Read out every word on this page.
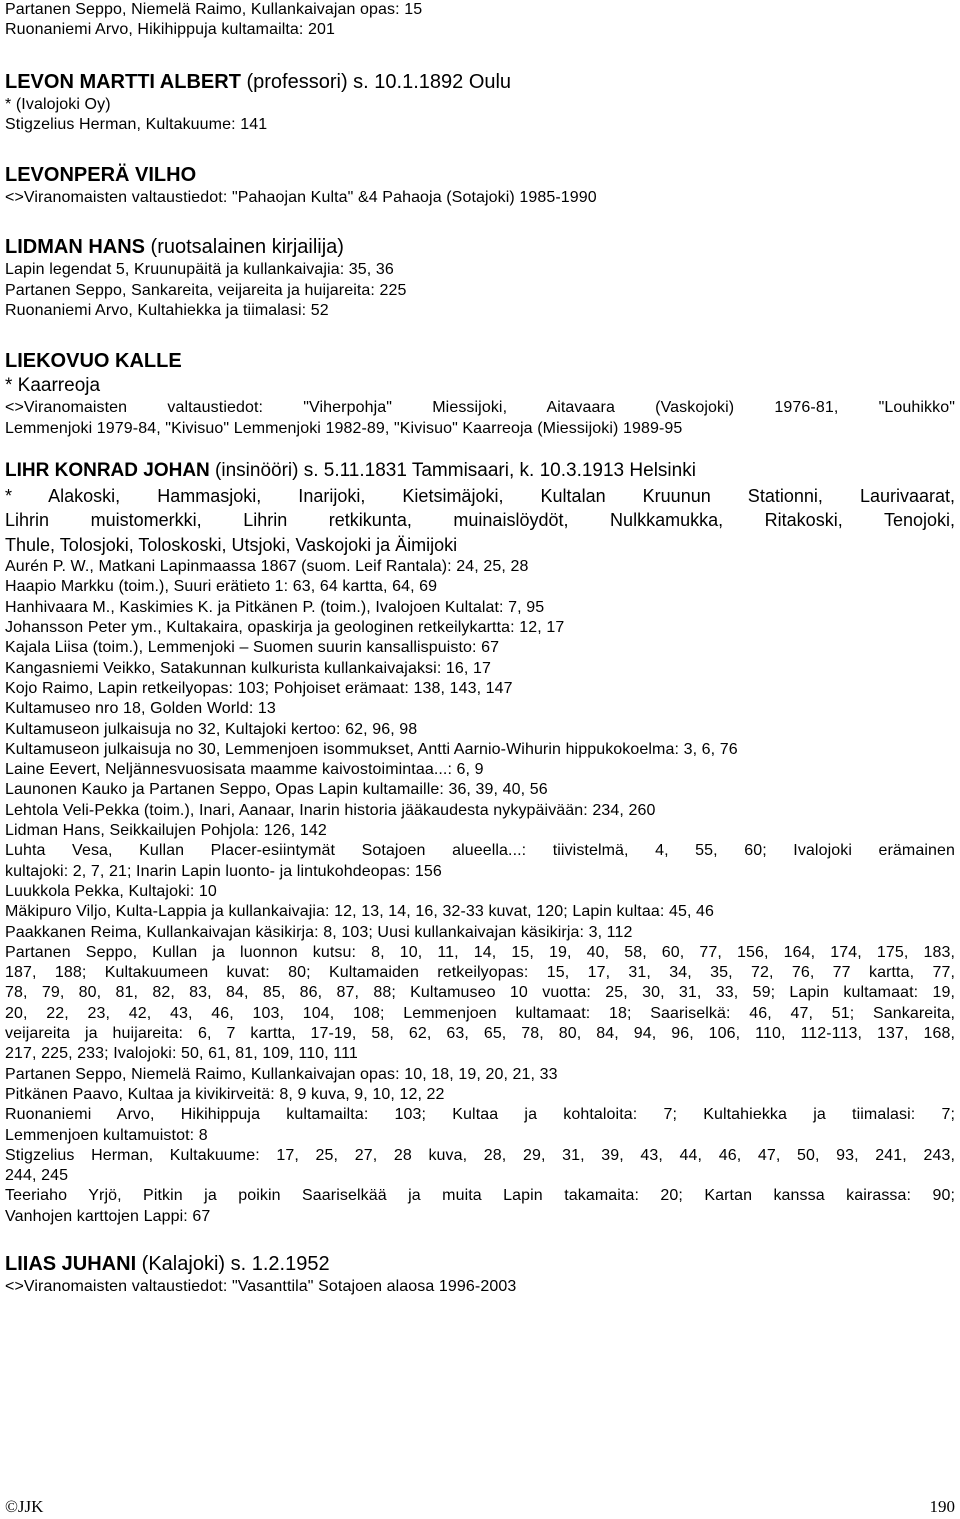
Partanen Seppo, Niemelä Raimo, Kullankaivajan opas: 15

Ruonaniemi Arvo, Hikihippuja kultamailta: 201

LEVON MARTTI ALBERT (professori) s. 10.1.1892 Oulu

* (Ivalojoki Oy)

Stigzelius Herman, Kultakuume: 141

LEVONPERÄ VILHO

<>Viranomaisten valtaustiedot: "Pahaojan Kulta" &4 Pahaoja (Sotajoki) 1985-1990

LIDMAN HANS (ruotsalainen kirjailija)

Lapin legendat 5, Kruunupäitä ja kullankaivajia: 35, 36

Partanen Seppo, Sankareita, veijareita ja huijareita: 225

Ruonaniemi Arvo, Kultahiekka ja tiimalasi: 52

LIEKOVUO KALLE

* Kaarreoja

<>Viranomaisten valtaustiedot: "Viherpohja" Miessijoki, Aitavaara (Vaskojoki) 1976-81, "Louhikko"

Lemmenjoki 1979-84, "Kivisuo" Lemmenjoki 1982-89, "Kivisuo" Kaarreoja (Miessijoki) 1989-95

LIHR KONRAD JOHAN (insinööri) s. 5.11.1831 Tammisaari, k. 10.3.1913 Helsinki

* Alakoski, Hammasjoki, Inarijoki, Kietsimäjoki, Kultalan Kruunun Stationni, Laurivaarat,

Lihrin muistomerkki, Lihrin retkikunta, muinaislöydöt, Nulkkamukka, Ritakoski, Tenojoki,

Thule, Tolosjoki, Toloskoski, Utsjoki, Vaskojoki ja Äimijoki

Aurén P. W., Matkani Lapinmaassa 1867 (suom. Leif Rantala): 24, 25, 28

Haapio Markku (toim.), Suuri erätieto 1: 63, 64 kartta, 64, 69

Hanhivaara M., Kaskimies K. ja Pitkänen P. (toim.), Ivalojoen Kultalat: 7, 95

Johansson Peter ym., Kultakaira, opaskirja ja geologinen retkeilykartta: 12, 17

Kajala Liisa (toim.), Lemmenjoki – Suomen suurin kansallispuisto: 67

Kangasniemi Veikko, Satakunnan kulkurista kullankaivajaksi: 16, 17

Kojo Raimo, Lapin retkeilyopas: 103; Pohjoiset erämaat: 138, 143, 147

Kultamuseo nro 18, Golden World: 13

Kultamuseon julkaisuja no 32, Kultajoki kertoo: 62, 96, 98

Kultamuseon julkaisuja no 30, Lemmenjoen isommukset, Antti Aarnio-Wihurin hippukokoelma: 3, 6, 76

Laine Eevert, Neljännesvuosisata maamme kaivostoimintaa...: 6, 9

Launonen Kauko ja Partanen Seppo, Opas Lapin kultamaille: 36, 39, 40, 56

Lehtola Veli-Pekka (toim.), Inari, Aanaar, Inarin historia jääkaudesta nykypäivään: 234, 260

Lidman Hans, Seikkailujen Pohjola: 126, 142

Luhta Vesa, Kullan Placer-esiintymät Sotajoen alueella...: tiivistelmä, 4, 55, 60; Ivalojoki erämainen

kultajoki: 2, 7, 21; Inarin Lapin luonto- ja lintukohdeopas: 156

Luukkola Pekka, Kultajoki: 10

Mäkipuro Viljo, Kulta-Lappia ja kullankaivajia: 12, 13, 14, 16, 32-33 kuvat, 120; Lapin kultaa: 45, 46

Paakkanen Reima, Kullankaivajan käsikirja: 8, 103; Uusi kullankaivajan käsikirja: 3, 112

Partanen Seppo, Kullan ja luonnon kutsu: 8, 10, 11, 14, 15, 19, 40, 58, 60, 77, 156, 164, 174, 175, 183,

187, 188; Kultakuumeen kuvat: 80; Kultamaiden retkeilyopas: 15, 17, 31, 34, 35, 72, 76, 77 kartta, 77,

78, 79, 80, 81, 82, 83, 84, 85, 86, 87, 88; Kultamuseo 10 vuotta: 25, 30, 31, 33, 59; Lapin kultamaat: 19,

20, 22, 23, 42, 43, 46, 103, 104, 108; Lemmenjoen kultamaat: 18; Saariselkä: 46, 47, 51; Sankareita,

veijareita ja huijareita: 6, 7 kartta, 17-19, 58, 62, 63, 65, 78, 80, 84, 94, 96, 106, 110, 112-113, 137, 168,

217, 225, 233; Ivalojoki: 50, 61, 81, 109, 110, 111

Partanen Seppo, Niemelä Raimo, Kullankaivajan opas: 10, 18, 19, 20, 21, 33

Pitkänen Paavo, Kultaa ja kivikirveitä: 8, 9 kuva, 9, 10, 12, 22

Ruonaniemi Arvo, Hikihippuja kultamailta: 103; Kultaa ja kohtaloita: 7; Kultahiekka ja tiimalasi: 7;

Lemmenjoen kultamuistot: 8

Stigzelius Herman, Kultakuume: 17, 25, 27, 28 kuva, 28, 29, 31, 39, 43, 44, 46, 47, 50, 93, 241, 243,

244, 245

Teeriaho Yrjö, Pitkin ja poikin Saariselkää ja muita Lapin takamaita: 20; Kartan kanssa kairassa: 90;

Vanhojen karttojen Lappi: 67

LIIAS JUHANI (Kalajoki) s. 1.2.1952

<>Viranomaisten valtaustiedot: "Vasanttila" Sotajoen alaosa 1996-2003

©JJK	190
